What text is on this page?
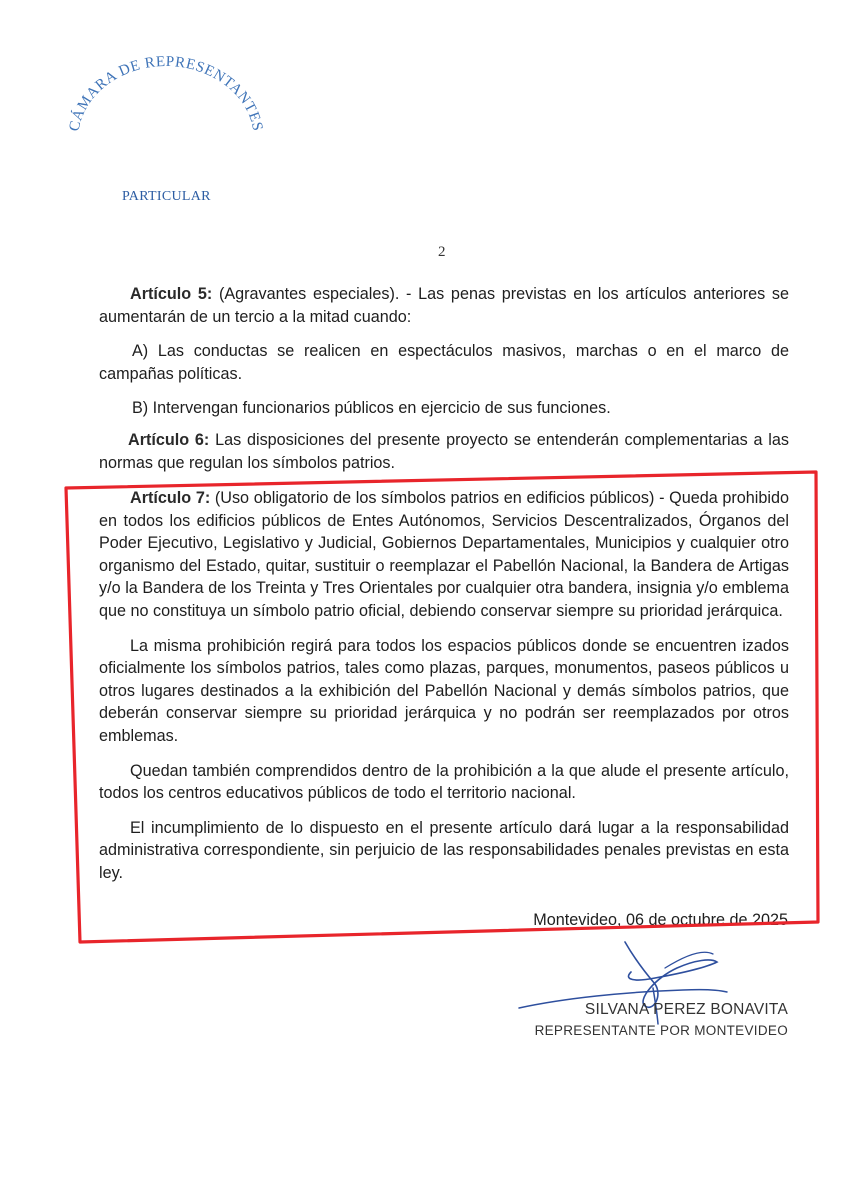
CÁMARA DE REPRESENTANTES
PARTICULAR
2

Artículo 5: (Agravantes especiales). - Las penas previstas en los artículos anteriores se aumentarán de un tercio a la mitad cuando:

A) Las conductas se realicen en espectáculos masivos, marchas o en el marco de campañas políticas.

B) Intervengan funcionarios públicos en ejercicio de sus funciones.

Artículo 6: Las disposiciones del presente proyecto se entenderán complementarias a las normas que regulan los símbolos patrios.

Artículo 7: (Uso obligatorio de los símbolos patrios en edificios públicos) - Queda prohibido en todos los edificios públicos de Entes Autónomos, Servicios Descentralizados, Órganos del Poder Ejecutivo, Legislativo y Judicial, Gobiernos Departamentales, Municipios y cualquier otro organismo del Estado, quitar, sustituir o reemplazar el Pabellón Nacional, la Bandera de Artigas y/o la Bandera de los Treinta y Tres Orientales por cualquier otra bandera, insignia y/o emblema que no constituya un símbolo patrio oficial, debiendo conservar siempre su prioridad jerárquica.

La misma prohibición regirá para todos los espacios públicos donde se encuentren izados oficialmente los símbolos patrios, tales como plazas, parques, monumentos, paseos públicos u otros lugares destinados a la exhibición del Pabellón Nacional y demás símbolos patrios, que deberán conservar siempre su prioridad jerárquica y no podrán ser reemplazados por otros emblemas.

Quedan también comprendidos dentro de la prohibición a la que alude el presente artículo, todos los centros educativos públicos de todo el territorio nacional.

El incumplimiento de lo dispuesto en el presente artículo dará lugar a la responsabilidad administrativa correspondiente, sin perjuicio de las responsabilidades penales previstas en esta ley.

Montevideo, 06 de octubre de 2025
SILVANA PEREZ BONAVITA
REPRESENTANTE POR MONTEVIDEO
